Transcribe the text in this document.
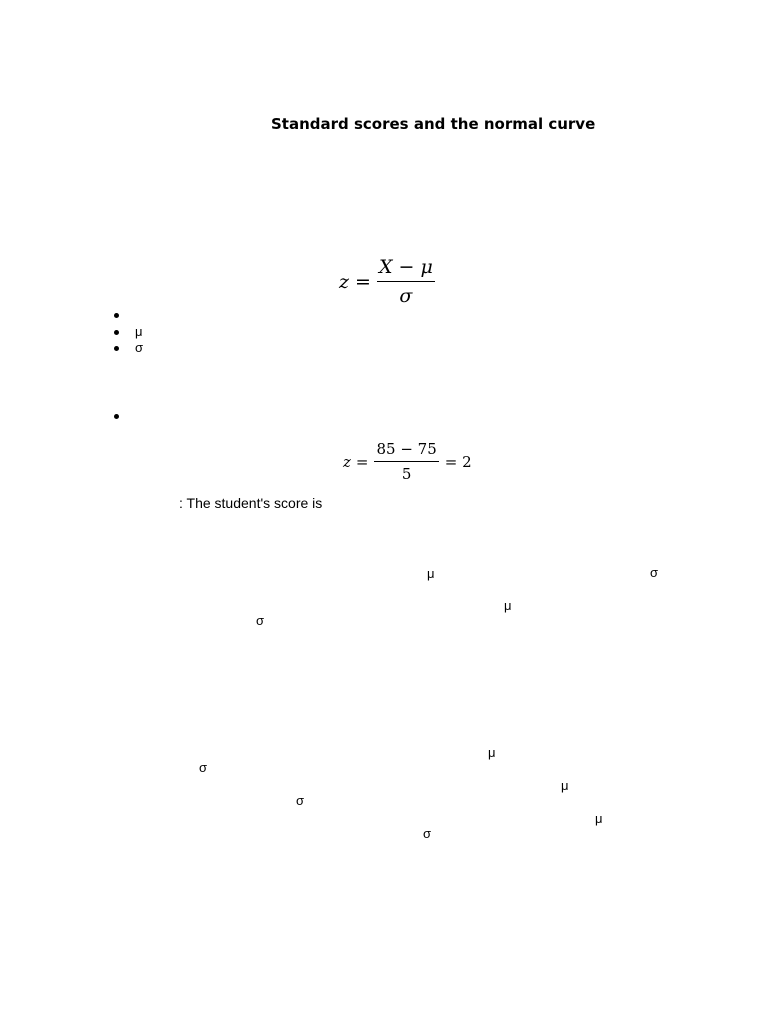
Standard scores and the normal curve
$z = \frac{X - \mu}{\sigma}$
μ
σ
$z = \frac{85 - 75}{5} = 2$
: The student's score is
μ	σ
μ
σ
μ
σ
μ
σ
μ
σ
